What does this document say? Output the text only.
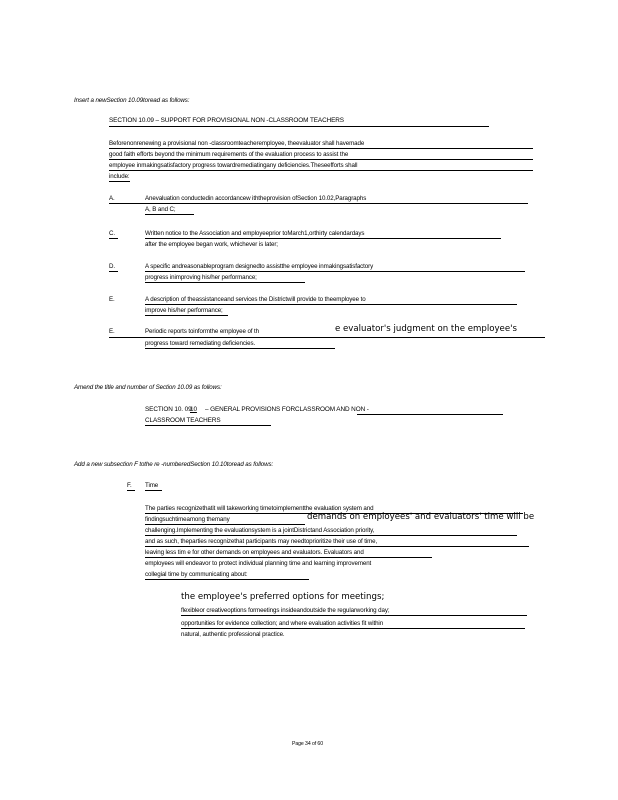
Insert a newSection 10.09toread as follows:
SECTION 10.09 – SUPPORT FOR PROVISIONAL NON -CLASSROOM TEACHERS
Beforenonrenewing a provisional non -classroomteacheremployee, theevaluator shall havemade
good faith efforts beyond the minimum requirements of the evaluation process to assist the
employee inmakingsatisfactory progress towardremediatingany deficiencies.Theseefforts shall
include:
A.	Anevaluation conductedin accordancew iththeprovision ofSection 10.02,Paragraphs
A, B and C;
C.	Written notice to the Association and employeeprior toMarch1,orthirty calendardays
after the employee began work, whichever is later;
D.	A specific andreasonableprogram designedto assistthe employee inmakingsatisfactory
progress inimproving his/her performance;
E.	A description of theassistanceand services the Districtwill provide to theemployee to
improve his/her performance;
E.	Periodic reports toinformthe employee of th	e evaluator's judgment on the employee's
progress toward remediating deficiencies.
Amend the title and number of Section 10.09 as follows:
SECTION 10. 09
10 – GENERAL PROVISIONS FORCLASSROOM AND NON -
CLASSROOM TEACHERS
Add a new subsection F tothe re -numberedSection 10.10toread as follows:
F. Time
The parties recognizethatit will takeworking timetoimplementthe evaluation system and
findingsuchtimeamong themany	demands on employees' and evaluators' time will be
challenging.Implementing the evaluationsystem is a jointDistrictand Association priority,
and as such, theparties recognizethat participants may needtoprioritize their use of time,
leaving less tim e for other demands on employees and evaluators. Evaluators and
employees will endeavor to protect individual planning time and learning improvement
collegial time by communicating about:
the employee's preferred options for meetings;
flexibleor creativeoptions formeetings insideandoutside the regularworking day;
opportunities for evidence collection; and where evaluation activities fit within
natural, authentic professional practice.
Page 34 of 60
